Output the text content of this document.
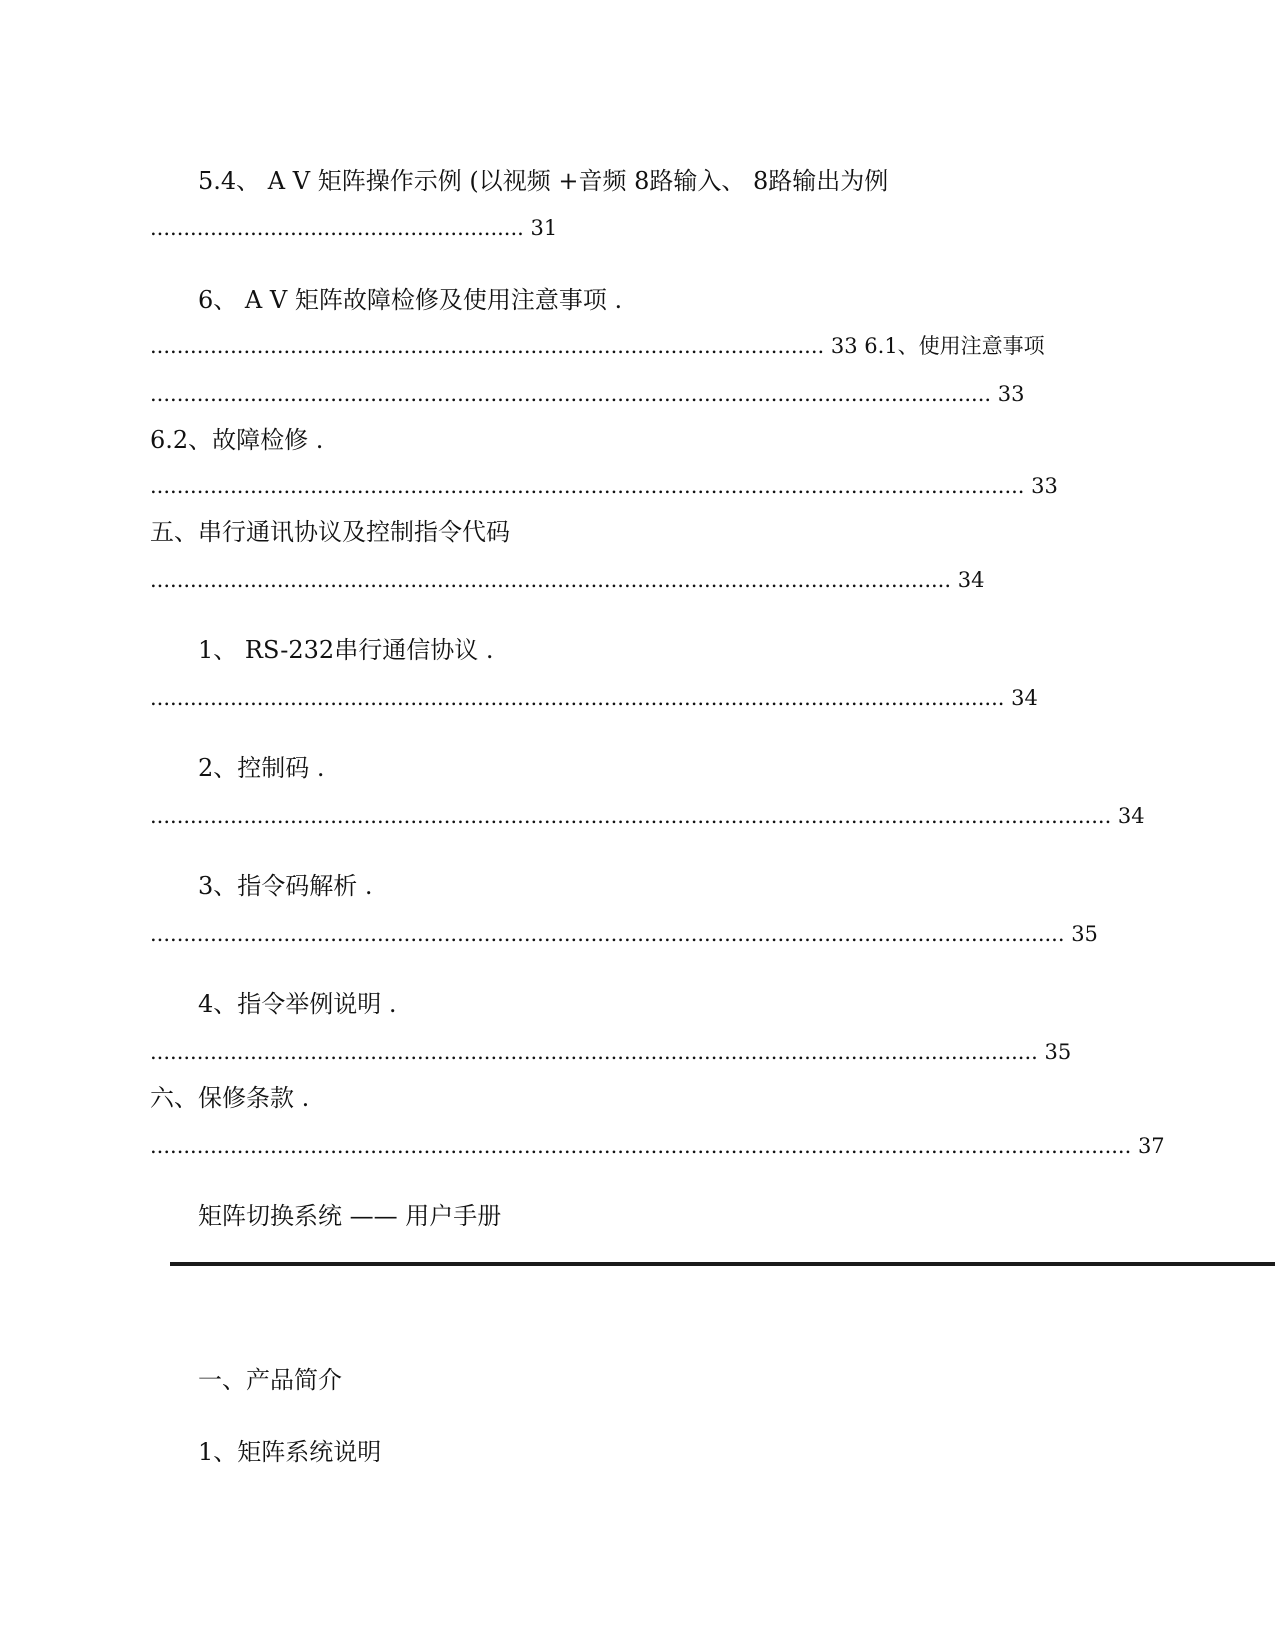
5.4、 A V 矩阵操作示例 (以视频 +音频 8路输入、 8路输出为例
........................................................ 31
6、 A V 矩阵故障检修及使用注意事项 .
..................................................................................................... 33 6.1、使用注意事项
.............................................................................................................................. 33
6.2、故障检修 .
................................................................................................................................... 33
五、串行通讯协议及控制指令代码
........................................................................................................................ 34
1、 RS-232串行通信协议 .
................................................................................................................................ 34
2、控制码 .
................................................................................................................................................ 34
3、指令码解析 .
......................................................................................................................................... 35
4、指令举例说明 .
..................................................................................................................................... 35
六、保修条款 .
................................................................................................................................................... 37
矩阵切换系统 —— 用户手册
一、产品简介
1、矩阵系统说明
